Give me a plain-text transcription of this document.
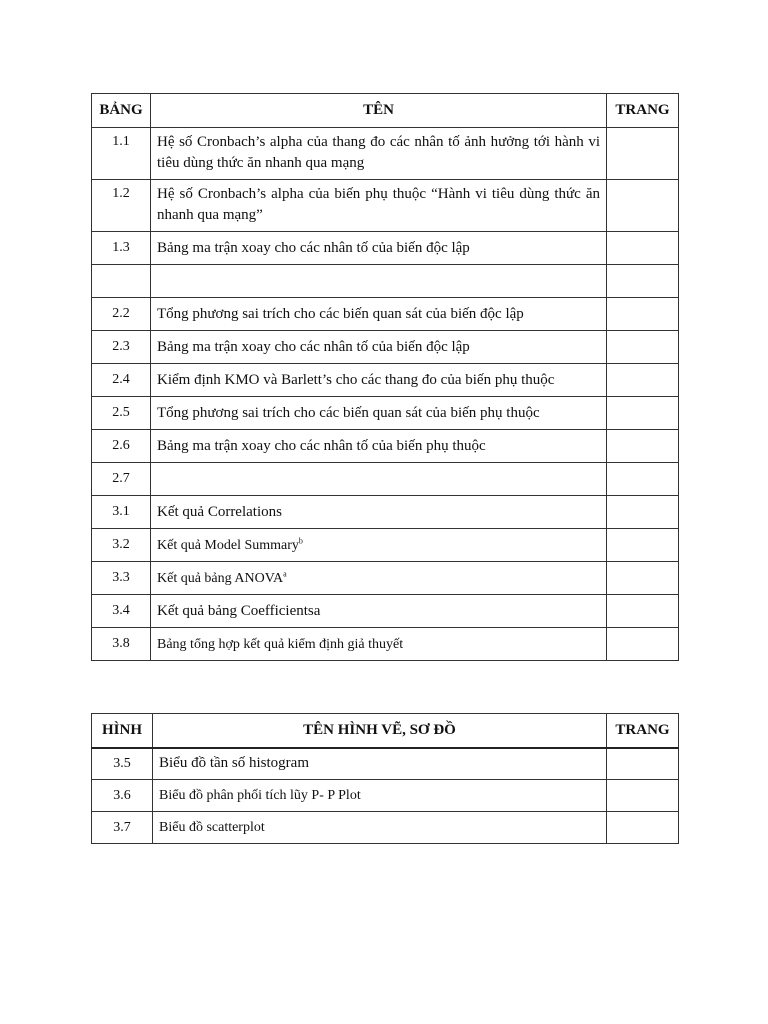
BẢNG	TÊN	TRANG
1.1	Hệ số Cronbach’s alpha của thang đo các nhân tố ảnh hưởng tới hành vi tiêu dùng thức ăn nhanh qua mạng	
1.2	Hệ số Cronbach’s alpha của biến phụ thuộc “Hành vi tiêu dùng thức ăn nhanh qua mạng”	
1.3	Bảng ma trận xoay cho các nhân tố của biến độc lập	

2.2	Tổng phương sai trích cho các biến quan sát của biến độc lập	
2.3	Bảng ma trận xoay cho các nhân tố của biến độc lập	
2.4	Kiểm định KMO và Barlett’s cho các thang đo của biến phụ thuộc	
2.5	Tổng phương sai trích cho các biến quan sát của biến phụ thuộc	
2.6	Bảng ma trận xoay cho các nhân tố của biến phụ thuộc	
2.7		
3.1	Kết quả Correlations	
3.2	Kết quả Model Summary$^b$	
3.3	Kết quả bảng ANOVA$^a$	
3.4	Kết quả bảng Coefficientsa	
3.8	Bảng tổng hợp kết quả kiểm định giả thuyết	
HÌNH	TÊN HÌNH VẼ, SƠ ĐỒ	TRANG
3.5	Biểu đồ tần số histogram	
3.6	Biểu đồ phân phối tích lũy P- P Plot	
3.7	Biểu đồ scatterplot	
